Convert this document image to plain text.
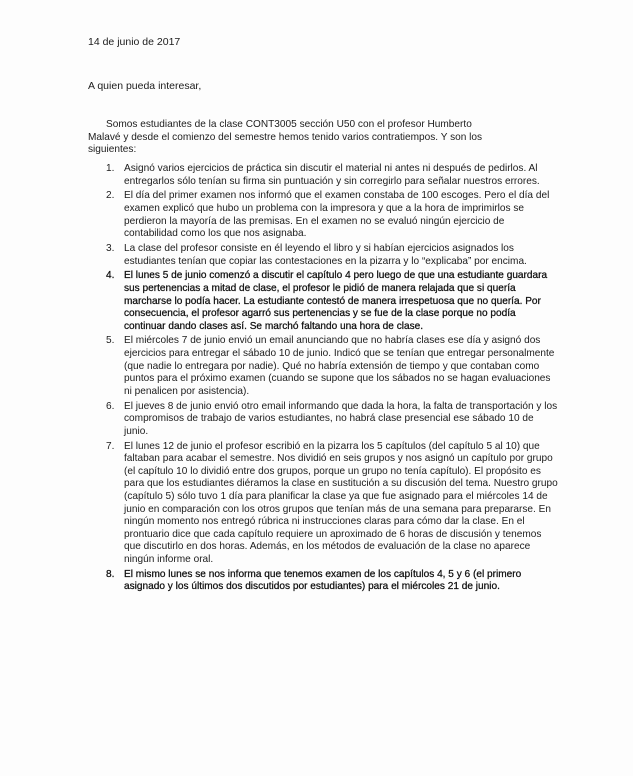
14 de junio de 2017
A quien pueda interesar,

Somos estudiantes de la clase CONT3005 sección U50 con el profesor Humberto
Malavé y desde el comienzo del semestre hemos tenido varios contratiempos. Y son los
siguientes:

1. Asignó varios ejercicios de práctica sin discutir el material ni antes ni después de pedirlos. Al entregarlos sólo tenían su firma sin puntuación y sin corregirlo para señalar nuestros errores.
2. El día del primer examen nos informó que el examen constaba de 100 escoges. Pero el día del examen explicó que hubo un problema con la impresora y que a la hora de imprimirlos se perdieron la mayoría de las premisas. En el examen no se evaluó ningún ejercicio de contabilidad como los que nos asignaba.
3. La clase del profesor consiste en él leyendo el libro y si habían ejercicios asignados los estudiantes tenían que copiar las contestaciones en la pizarra y lo “explicaba” por encima.
4. El lunes 5 de junio comenzó a discutir el capítulo 4 pero luego de que una estudiante guardara sus pertenencias a mitad de clase, el profesor le pidió de manera relajada que si quería marcharse lo podía hacer. La estudiante contestó de manera irrespetuosa que no quería. Por consecuencia, el profesor agarró sus pertenencias y se fue de la clase porque no podía continuar dando clases así. Se marchó faltando una hora de clase.
5. El miércoles 7 de junio envió un email anunciando que no habría clases ese día y asignó dos ejercicios para entregar el sábado 10 de junio. Indicó que se tenían que entregar personalmente (que nadie lo entregara por nadie). Qué no habría extensión de tiempo y que contaban como puntos para el próximo examen (cuando se supone que los sábados no se hagan evaluaciones ni penalicen por asistencia).
6. El jueves 8 de junio envió otro email informando que dada la hora, la falta de transportación y los compromisos de trabajo de varios estudiantes, no habrá clase presencial ese sábado 10 de junio.
7. El lunes 12 de junio el profesor escribió en la pizarra los 5 capítulos (del capítulo 5 al 10) que faltaban para acabar el semestre. Nos dividió en seis grupos y nos asignó un capítulo por grupo (el capítulo 10 lo dividió entre dos grupos, porque un grupo no tenía capítulo). El propósito es para que los estudiantes diéramos la clase en sustitución a su discusión del tema. Nuestro grupo (capítulo 5) sólo tuvo 1 día para planificar la clase ya que fue asignado para el miércoles 14 de junio en comparación con los otros grupos que tenían más de una semana para prepararse. En ningún momento nos entregó rúbrica ni instrucciones claras para cómo dar la clase. En el prontuario dice que cada capítulo requiere un aproximado de 6 horas de discusión y tenemos que discutirlo en dos horas. Además, en los métodos de evaluación de la clase no aparece ningún informe oral.
8. El mismo lunes se nos informa que tenemos examen de los capítulos 4, 5 y 6 (el primero asignado y los últimos dos discutidos por estudiantes) para el miércoles 21 de junio.
